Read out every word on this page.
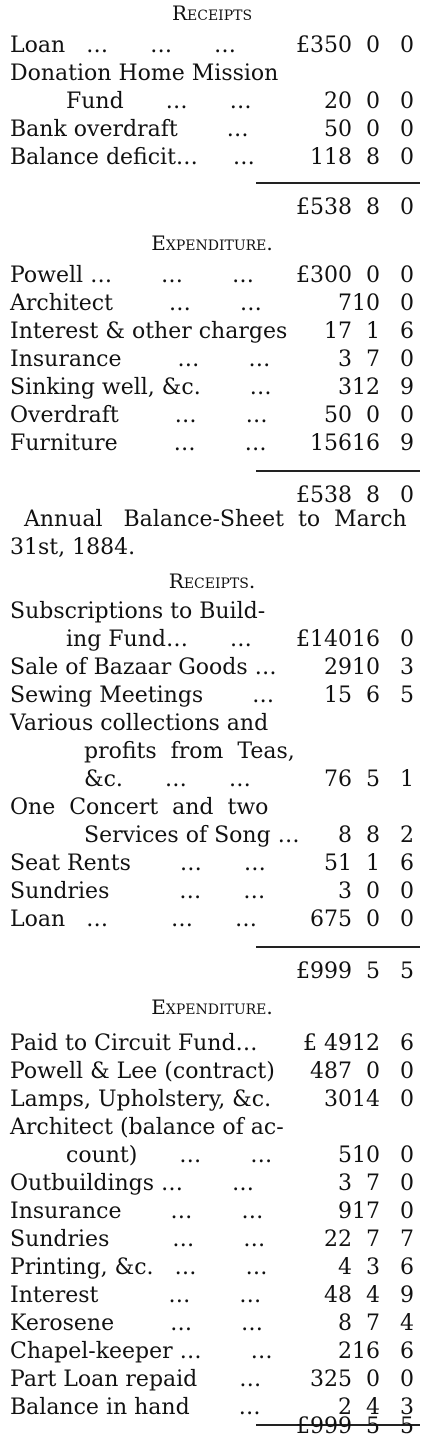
Receipts
Loan   …      …      …	£350 0 0
Donation Home Mission
Fund      …      …	20 0 0
Bank overdraft       …	50 0 0
Balance deficit…     …	118 8 0
£538 8 0
Expenditure.
Powell …       …       … £300 0 0
Architect        …       …	7 10 0
Interest & other charges 17 1 6
Insurance        …       …	3 7 0
Sinking well, &c.       …	3 12 9
Overdraft        …       …	50 0 0
Furniture        …       … 156 16 9
£538 8 0
Annual   Balance-Sheet  to  March
31st, 1884.
Receipts.
Subscriptions to Build-
ing Fund…      … £140 16 0
Sale of Bazaar Goods … 29 10 3
Sewing Meetings       … 15 6 5
Various collections and
profits  from  Teas,
&c.      …      …	76 5 1
One  Concert  and  two
Services of Song … 8 8 2
Seat Rents       …      …	51 1 6
Sundries          …      …	3 0 0
Loan   …         …      … 675 0 0
£999 5 5
Expenditure.
Paid to Circuit Fund… £ 49 12 6
Powell & Lee (contract) 487 0 0
Lamps, Upholstery, &c. 30 14 0
Architect (balance of ac-
count)      …       …	5 10 0
Outbuildings …       …	3 7 0
Insurance       …       …	9 17 0
Sundries         …       …	22 7 7
Printing, &c.   …       …	4 3 6
Interest          …       …	48 4 9
Kerosene        …       …	8 7 4
Chapel-keeper …       …	2 16 6
Part Loan repaid      … 325 0 0
Balance in hand       …	2 4 3
£999 5 5
